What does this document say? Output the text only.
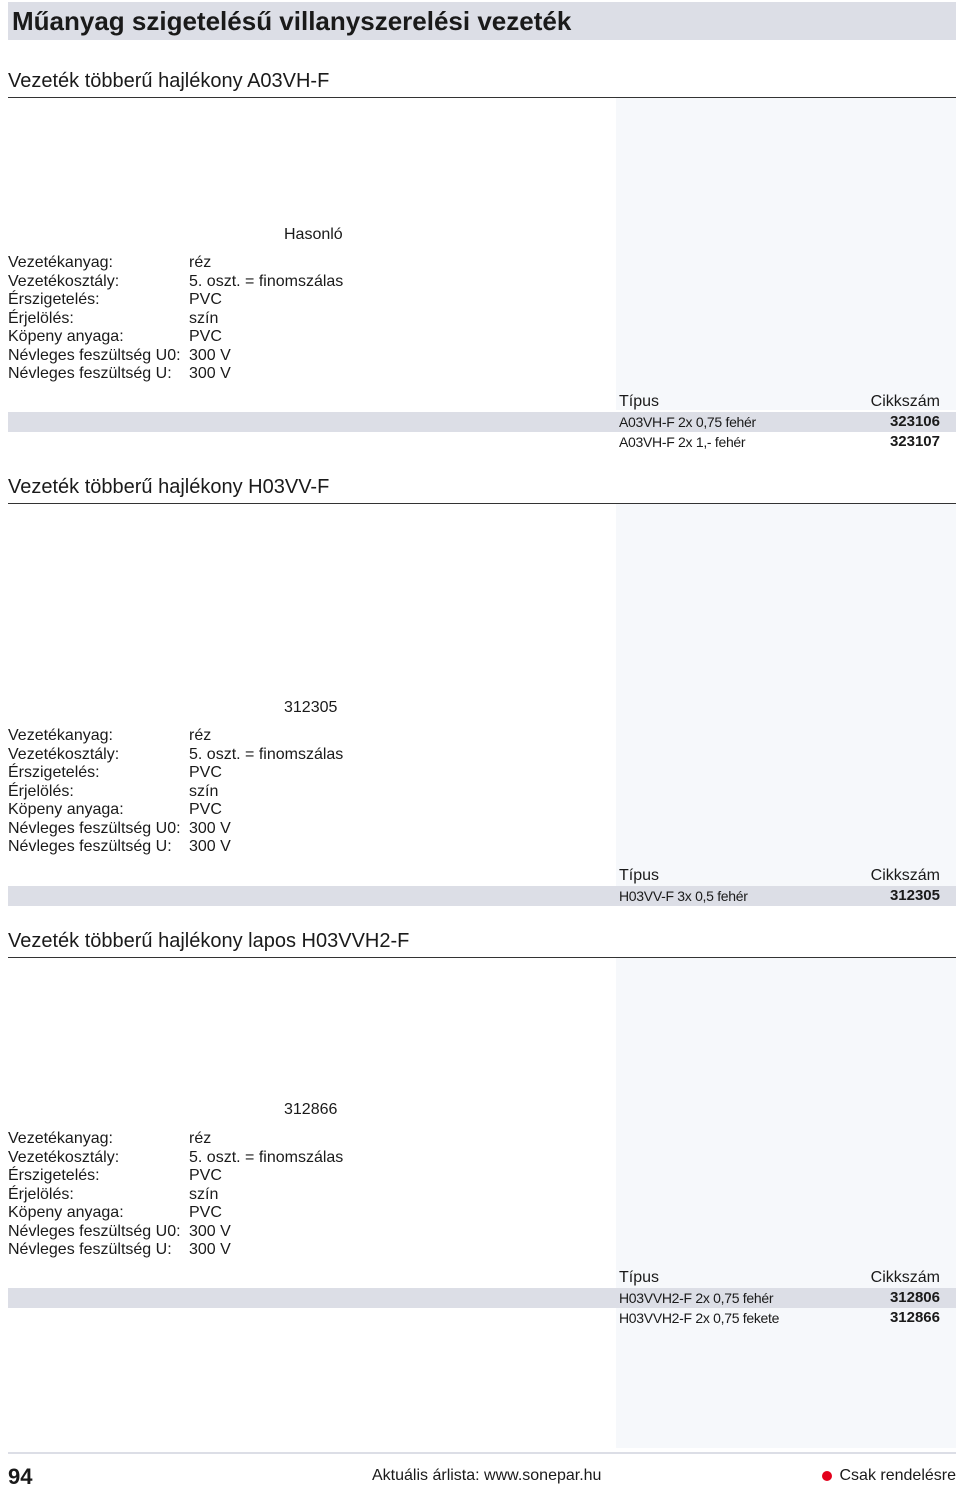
Műanyag szigetelésű villanyszerelési vezeték
Vezeték többerű hajlékony A03VH-F
Hasonló
Vezetékanyag:	réz
Vezetékosztály:	5. oszt. = finomszálas
Érszigetelés:	PVC
Érjelölés:	szín
Köpeny anyaga:	PVC
Névleges feszültség U0: 300 V
Névleges feszültség U:	300 V
Típus	Cikkszám
A03VH-F 2x 0,75 fehér	323106
A03VH-F 2x 1,- fehér	323107
Vezeték többerű hajlékony H03VV-F
312305
Vezetékanyag:	réz
Vezetékosztály:	5. oszt. = finomszálas
Érszigetelés:	PVC
Érjelölés:	szín
Köpeny anyaga:	PVC
Névleges feszültség U0: 300 V
Névleges feszültség U:	300 V
Típus	Cikkszám
H03VV-F 3x 0,5 fehér	312305
Vezeték többerű hajlékony lapos H03VVH2-F
312866
Vezetékanyag:	réz
Vezetékosztály:	5. oszt. = finomszálas
Érszigetelés:	PVC
Érjelölés:	szín
Köpeny anyaga:	PVC
Névleges feszültség U0: 300 V
Névleges feszültség U:	300 V
Típus	Cikkszám
H03VVH2-F 2x 0,75 fehér	312806
H03VVH2-F 2x 0,75 fekete	312866
94	Aktuális árlista: www.sonepar.hu	Csak rendelésre
